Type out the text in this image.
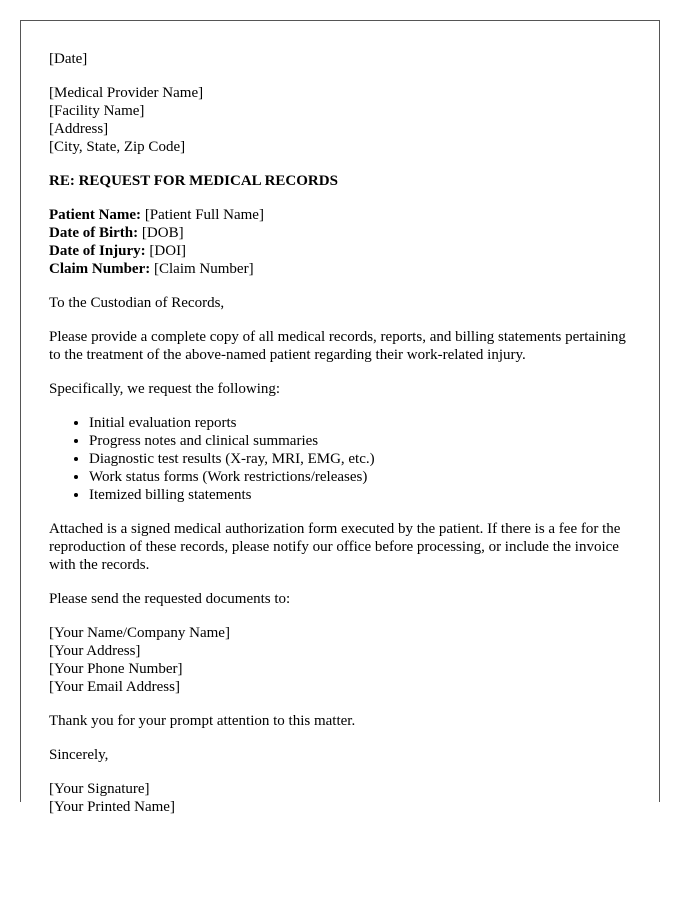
[Date]

[Medical Provider Name]
[Facility Name]
[Address]
[City, State, Zip Code]

RE: REQUEST FOR MEDICAL RECORDS

Patient Name: [Patient Full Name]
Date of Birth: [DOB]
Date of Injury: [DOI]
Claim Number: [Claim Number]

To the Custodian of Records,

Please provide a complete copy of all medical records, reports, and billing statements pertaining to the treatment of the above-named patient regarding their work-related injury.

Specifically, we request the following:

• Initial evaluation reports
• Progress notes and clinical summaries
• Diagnostic test results (X-ray, MRI, EMG, etc.)
• Work status forms (Work restrictions/releases)
• Itemized billing statements

Attached is a signed medical authorization form executed by the patient. If there is a fee for the reproduction of these records, please notify our office before processing, or include the invoice with the records.

Please send the requested documents to:

[Your Name/Company Name]
[Your Address]
[Your Phone Number]
[Your Email Address]

Thank you for your prompt attention to this matter.

Sincerely,

[Your Signature]
[Your Printed Name]
